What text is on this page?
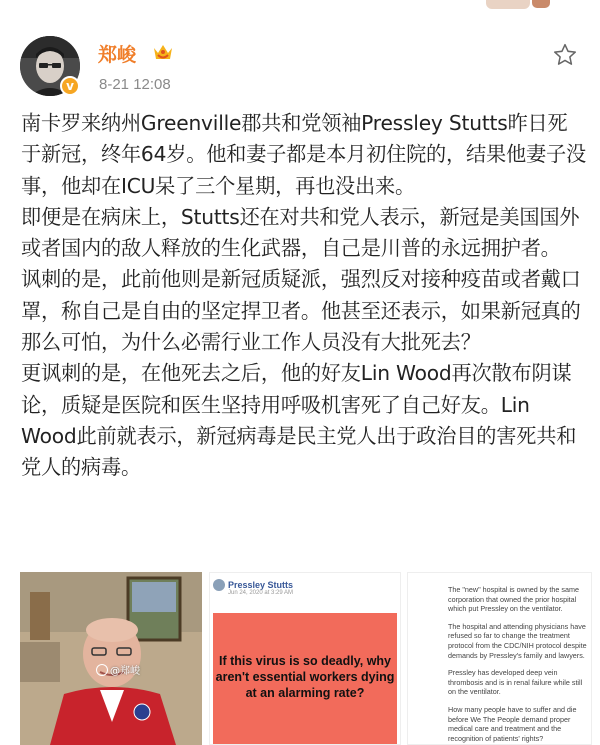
v
郑峻
8-21 12:08

南卡罗来纳州Greenville郡共和党领袖Pressley Stutts昨日死于新冠，终年64岁。他和妻子都是本月初住院的，结果他妻子没事，他却在ICU呆了三个星期，再也没出来。

即便是在病床上，Stutts还在对共和党人表示，新冠是美国国外或者国内的敌人释放的生化武器，自己是川普的永远拥护者。

讽刺的是，此前他则是新冠质疑派，强烈反对接种疫苗或者戴口罩，称自己是自由的坚定捍卫者。他甚至还表示，如果新冠真的那么可怕，为什么必需行业工作人员没有大批死去？

更讽刺的是，在他死去之后，他的好友Lin Wood再次散布阴谋论，质疑是医院和医生坚持用呼吸机害死了自己好友。Lin Wood此前就表示，新冠病毒是民主党人出于政治目的害死共和党人的病毒。

@郑峻
Pressley Stutts
Jun 24, 2020 at 3:29 AM
If this virus is so deadly, why aren't essential workers dying at an alarming rate?

The "new" hospital is owned by the same corporation that owned the prior hospital which put Pressley on the ventilator.

The hospital and attending physicians have refused so far to change the treatment protocol from the CDC/NIH protocol despite demands by Pressley's family and lawyers.

Pressley has developed deep vein thrombosis and is in renal failure while still on the ventilator.

How many people have to suffer and die before We The People demand proper medical care and treatment and the recognition of patients' rights?
